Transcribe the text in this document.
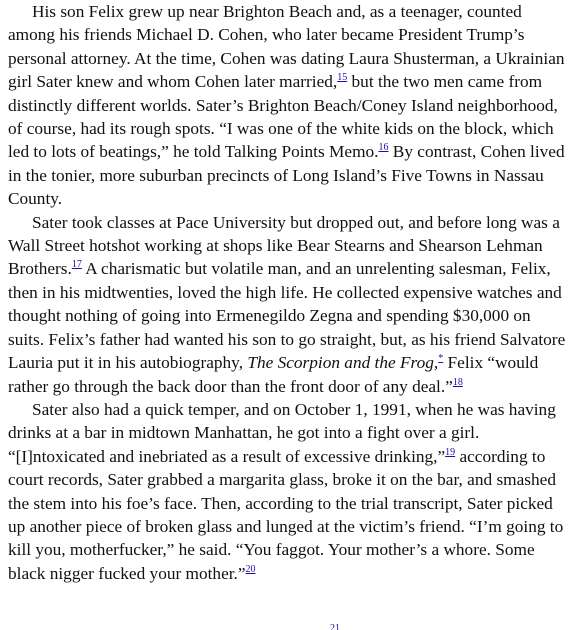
His son Felix grew up near Brighton Beach and, as a teenager, counted among his friends Michael D. Cohen, who later became President Trump’s personal attorney. At the time, Cohen was dating Laura Shusterman, a Ukrainian girl Sater knew and whom Cohen later married,$^{15}$ but the two men came from distinctly different worlds. Sater’s Brighton Beach/Coney Island neighborhood, of course, had its rough spots. “I was one of the white kids on the block, which led to lots of beatings,” he told Talking Points Memo.$^{16}$ By contrast, Cohen lived in the tonier, more suburban precincts of Long Island’s Five Towns in Nassau County.

Sater took classes at Pace University but dropped out, and before long was a Wall Street hotshot working at shops like Bear Stearns and Shearson Lehman Brothers.$^{17}$ A charismatic but volatile man, and an unrelenting salesman, Felix, then in his midtwenties, loved the high life. He collected expensive watches and thought nothing of going into Ermenegildo Zegna and spending $30,000 on suits. Felix’s father had wanted his son to go straight, but, as his friend Salvatore Lauria put it in his autobiography, The Scorpion and the Frog,* Felix “would rather go through the back door than the front door of any deal.”$^{18}$

Sater also had a quick temper, and on October 1, 1991, when he was having drinks at a bar in midtown Manhattan, he got into a fight over a girl. “[I]ntoxicated and inebriated as a result of excessive drinking,”$^{19}$ according to court records, Sater grabbed a margarita glass, broke it on the bar, and smashed the stem into his foe’s face. Then, according to the trial transcript, Sater picked up another piece of broken glass and lunged at the victim’s friend. “I’m going to kill you, motherfucker,” he said. “You faggot. Your mother’s a whore. Some black nigger fucked your mother.”$^{20}$

21
